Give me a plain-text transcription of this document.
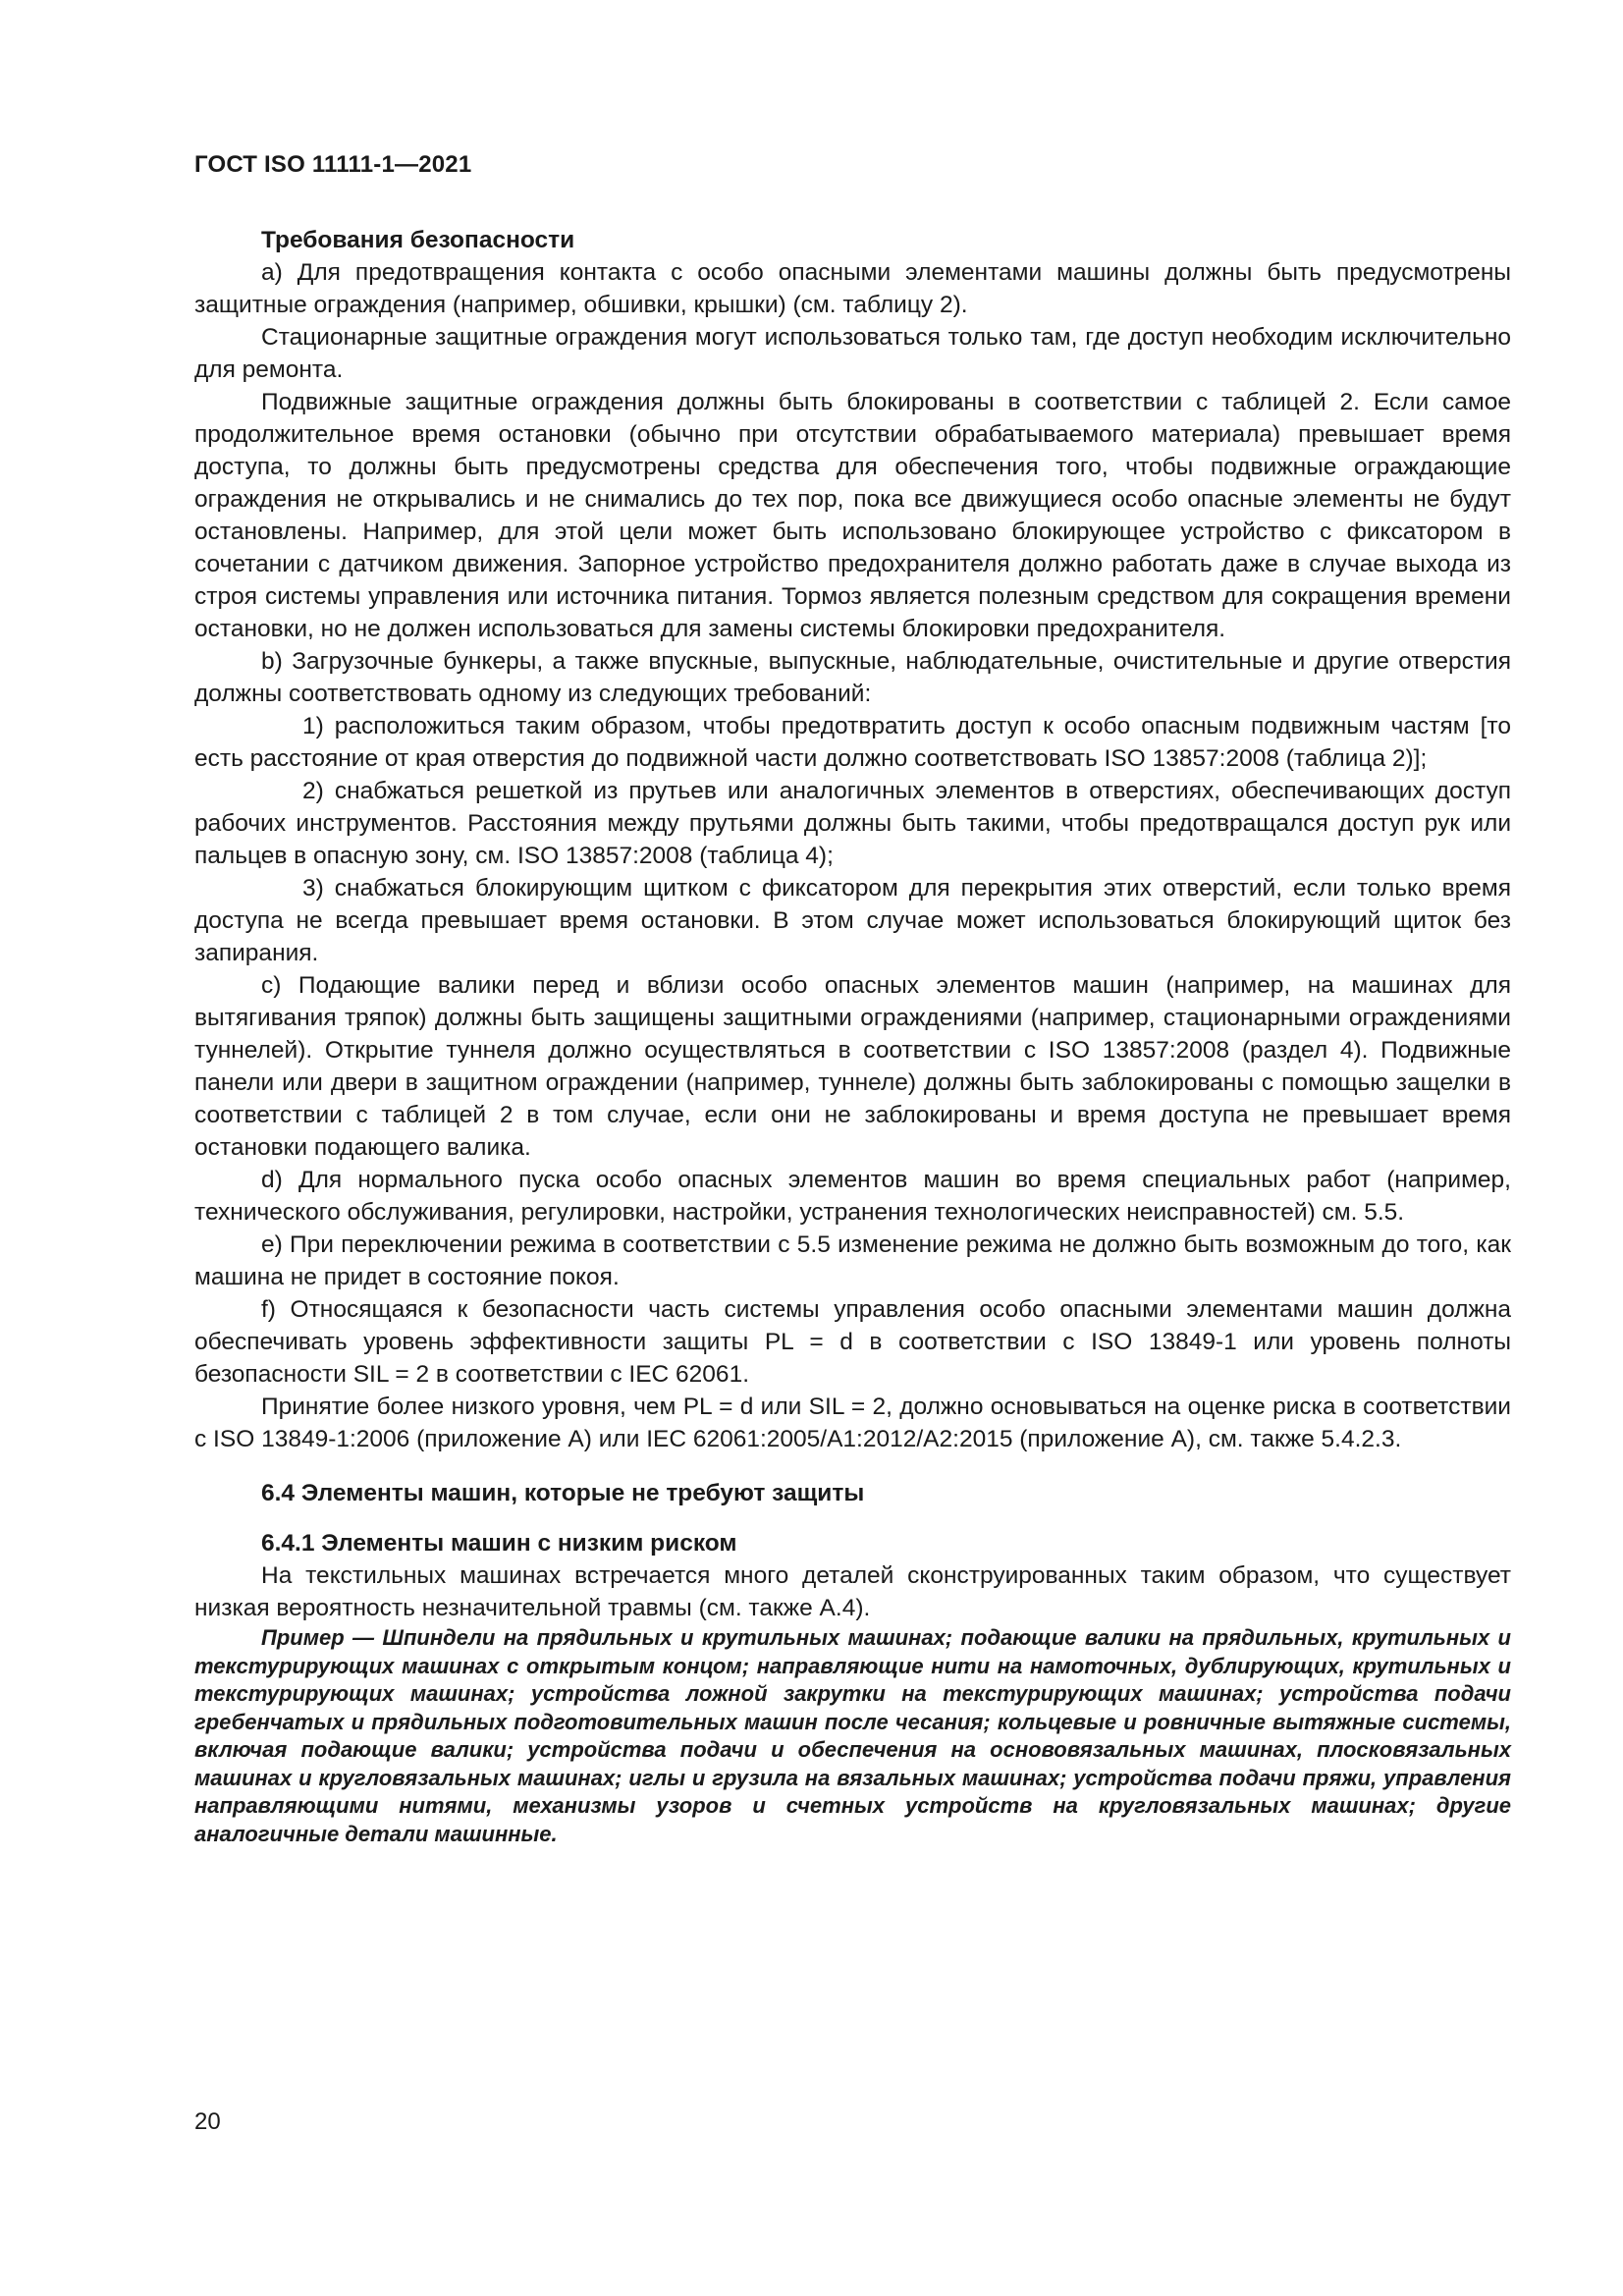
ГОСТ ISO 11111-1—2021
Требования безопасности

a) Для предотвращения контакта с особо опасными элементами машины должны быть предусмотрены защитные ограждения (например, обшивки, крышки) (см. таблицу 2).

Стационарные защитные ограждения могут использоваться только там, где доступ необходим исключительно для ремонта.

Подвижные защитные ограждения должны быть блокированы в соответствии с таблицей 2. Если самое продолжительное время остановки (обычно при отсутствии обрабатываемого материала) превышает время доступа, то должны быть предусмотрены средства для обеспечения того, чтобы подвижные ограждающие ограждения не открывались и не снимались до тех пор, пока все движущиеся особо опасные элементы не будут остановлены. Например, для этой цели может быть использовано блокирующее устройство с фиксатором в сочетании с датчиком движения. Запорное устройство предохранителя должно работать даже в случае выхода из строя системы управления или источника питания. Тормоз является полезным средством для сокращения времени остановки, но не должен использоваться для замены системы блокировки предохранителя.

b) Загрузочные бункеры, а также впускные, выпускные, наблюдательные, очистительные и другие отверстия должны соответствовать одному из следующих требований:

1) расположиться таким образом, чтобы предотвратить доступ к особо опасным подвижным частям [то есть расстояние от края отверстия до подвижной части должно соответствовать ISO 13857:2008 (таблица 2)];

2) снабжаться решеткой из прутьев или аналогичных элементов в отверстиях, обеспечивающих доступ рабочих инструментов. Расстояния между прутьями должны быть такими, чтобы предотвращался доступ рук или пальцев в опасную зону, см. ISO 13857:2008 (таблица 4);

3) снабжаться блокирующим щитком с фиксатором для перекрытия этих отверстий, если только время доступа не всегда превышает время остановки. В этом случае может использоваться блокирующий щиток без запирания.

c) Подающие валики перед и вблизи особо опасных элементов машин (например, на машинах для вытягивания тряпок) должны быть защищены защитными ограждениями (например, стационарными ограждениями туннелей). Открытие туннеля должно осуществляться в соответствии с ISO 13857:2008 (раздел 4). Подвижные панели или двери в защитном ограждении (например, туннеле) должны быть заблокированы с помощью защелки в соответствии с таблицей 2 в том случае, если они не заблокированы и время доступа не превышает время остановки подающего валика.

d) Для нормального пуска особо опасных элементов машин во время специальных работ (например, технического обслуживания, регулировки, настройки, устранения технологических неисправностей) см. 5.5.

e) При переключении режима в соответствии с 5.5 изменение режима не должно быть возможным до того, как машина не придет в состояние покоя.

f) Относящаяся к безопасности часть системы управления особо опасными элементами машин должна обеспечивать уровень эффективности защиты PL = d в соответствии с ISO 13849-1 или уровень полноты безопасности SIL = 2 в соответствии с IEC 62061.

Принятие более низкого уровня, чем PL = d или SIL = 2, должно основываться на оценке риска в соответствии с ISO 13849-1:2006 (приложение A) или IEC 62061:2005/A1:2012/A2:2015 (приложение A), см. также 5.4.2.3.

6.4 Элементы машин, которые не требуют защиты
6.4.1 Элементы машин с низким риском

На текстильных машинах встречается много деталей сконструированных таким образом, что существует низкая вероятность незначительной травмы (см. также A.4).

Пример — Шпиндели на прядильных и крутильных машинах; подающие валики на прядильных, крутильных и текстурирующих машинах с открытым концом; направляющие нити на намоточных, дублирующих, крутильных и текстурирующих машинах; устройства ложной закрутки на текстурирующих машинах; устройства подачи гребенчатых и прядильных подготовительных машин после чесания; кольцевые и ровничные вытяжные системы, включая подающие валики; устройства подачи и обеспечения на основовязальных машинах, плосковязальных машинах и кругловязальных машинах; иглы и грузила на вязальных машинах; устройства подачи пряжи, управления направляющими нитями, механизмы узоров и счетных устройств на кругловязальных машинах; другие аналогичные детали машинные.

20
